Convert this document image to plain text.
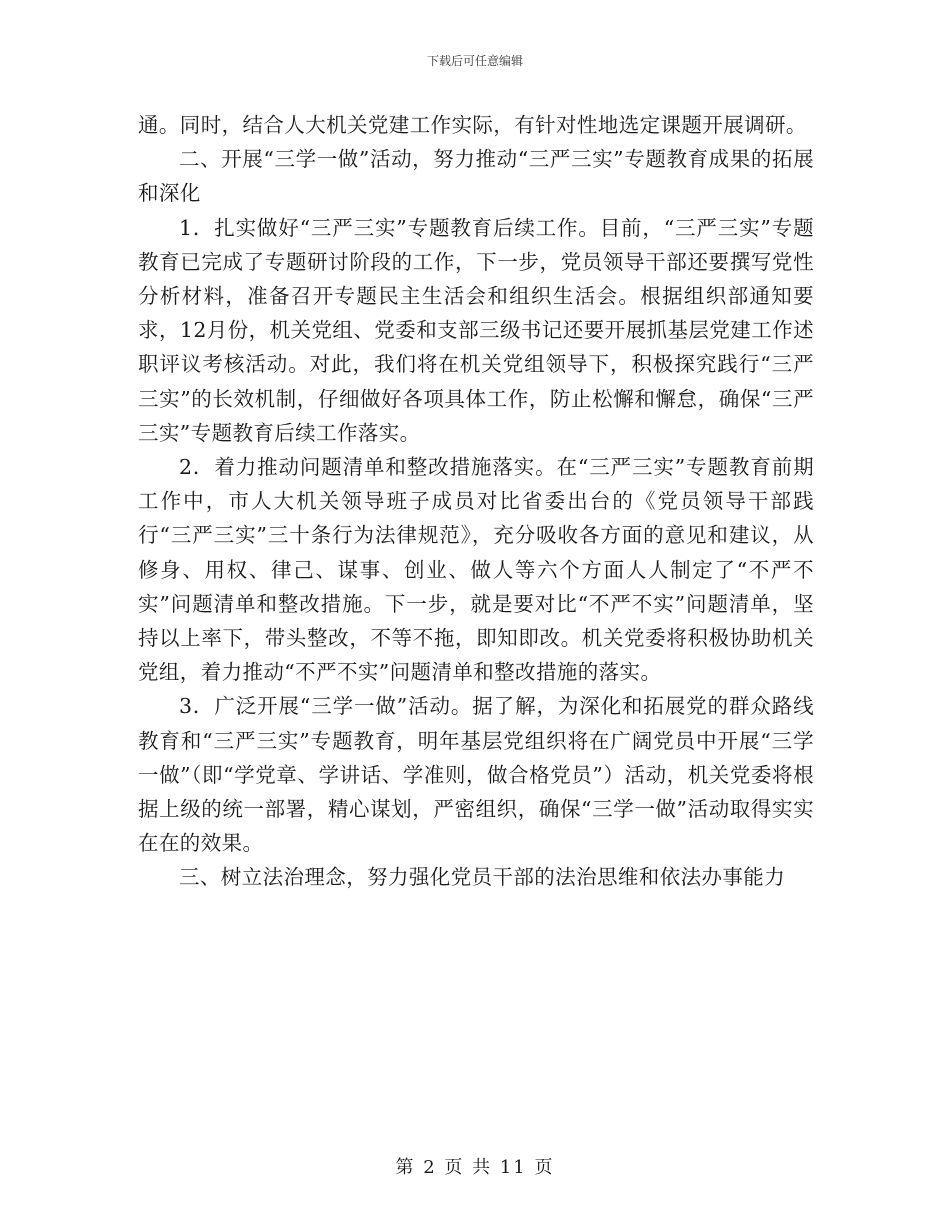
下载后可任意编辑

通。同时，结合人大机关党建工作实际，有针对性地选定课题开展调研。

二、开展“三学一做”活动，努力推动“三严三实”专题教育成果的拓展和深化

1．扎实做好“三严三实”专题教育后续工作。目前，“三严三实”专题教育已完成了专题研讨阶段的工作，下一步，党员领导干部还要撰写党性分析材料，准备召开专题民主生活会和组织生活会。根据组织部通知要求，12月份，机关党组、党委和支部三级书记还要开展抓基层党建工作述职评议考核活动。对此，我们将在机关党组领导下，积极探究践行“三严三实”的长效机制，仔细做好各项具体工作，防止松懈和懈怠，确保“三严三实”专题教育后续工作落实。

2．着力推动问题清单和整改措施落实。在“三严三实”专题教育前期工作中，市人大机关领导班子成员对比省委出台的《党员领导干部践行“三严三实”三十条行为法律规范》，充分吸收各方面的意见和建议，从修身、用权、律己、谋事、创业、做人等六个方面人人制定了“不严不实”问题清单和整改措施。下一步，就是要对比“不严不实”问题清单，坚持以上率下，带头整改，不等不拖，即知即改。机关党委将积极协助机关党组，着力推动“不严不实”问题清单和整改措施的落实。

3．广泛开展“三学一做”活动。据了解，为深化和拓展党的群众路线教育和“三严三实”专题教育，明年基层党组织将在广阔党员中开展“三学一做”（即“学党章、学讲话、学准则，做合格党员”）活动，机关党委将根据上级的统一部署，精心谋划，严密组织，确保“三学一做”活动取得实实在在的效果。

三、树立法治理念，努力强化党员干部的法治思维和依法办事能力

第 2 页 共 11 页
